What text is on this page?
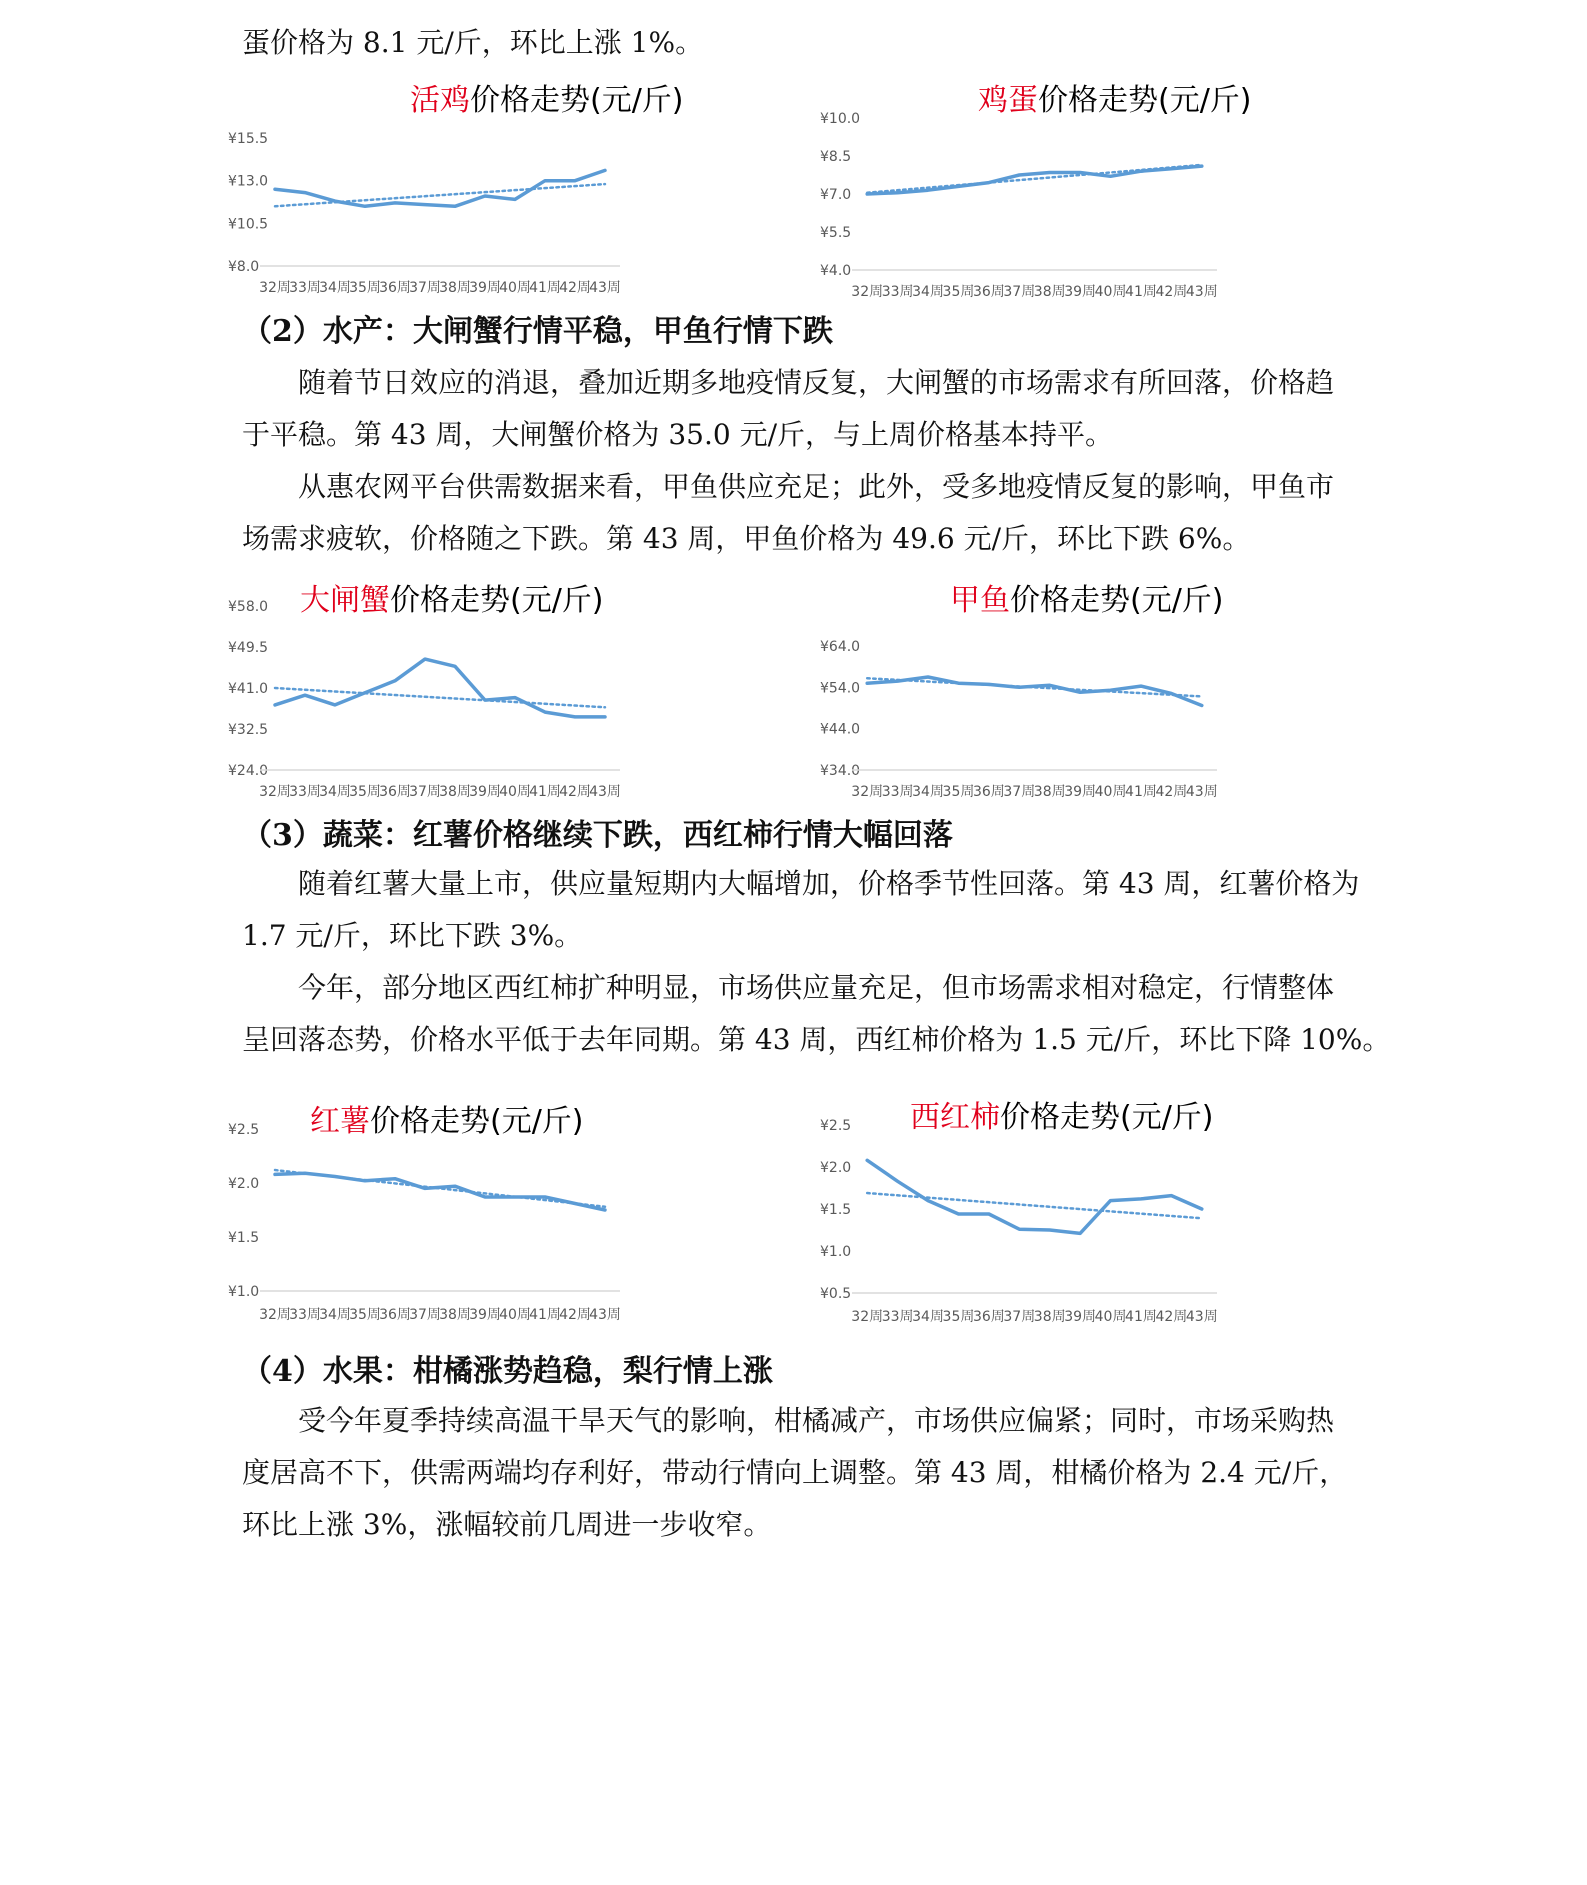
蛋价格为 8.1 元/斤，环比上涨 1%。

活鸡价格走势(元/斤)
¥8.0
¥10.5
¥13.0
¥15.5
32周
33周
34周
35周
36周
37周
38周
39周
40周
41周
42周
43周
鸡蛋价格走势(元/斤)
¥4.0
¥5.5
¥7.0
¥8.5
¥10.0
32周
33周
34周
35周
36周
37周
38周
39周
40周
41周
42周
43周

（2）水产：大闸蟹行情平稳，甲鱼行情下跌

随着节日效应的消退，叠加近期多地疫情反复，大闸蟹的市场需求有所回落，价格趋

于平稳。第 43 周，大闸蟹价格为 35.0 元/斤，与上周价格基本持平。

从惠农网平台供需数据来看，甲鱼供应充足；此外，受多地疫情反复的影响，甲鱼市

场需求疲软，价格随之下跌。第 43 周，甲鱼价格为 49.6 元/斤，环比下跌 6%。

大闸蟹价格走势(元/斤)
¥24.0
¥32.5
¥41.0
¥49.5
¥58.0
32周
33周
34周
35周
36周
37周
38周
39周
40周
41周
42周
43周
甲鱼价格走势(元/斤)
¥34.0
¥44.0
¥54.0
¥64.0
32周
33周
34周
35周
36周
37周
38周
39周
40周
41周
42周
43周

（3）蔬菜：红薯价格继续下跌，西红柿行情大幅回落

随着红薯大量上市，供应量短期内大幅增加，价格季节性回落。第 43 周，红薯价格为

1.7 元/斤，环比下跌 3%。

今年，部分地区西红柿扩种明显，市场供应量充足，但市场需求相对稳定，行情整体

呈回落态势，价格水平低于去年同期。第 43 周，西红柿价格为 1.5 元/斤，环比下降 10%。

红薯价格走势(元/斤)
¥1.0
¥1.5
¥2.0
¥2.5
32周
33周
34周
35周
36周
37周
38周
39周
40周
41周
42周
43周
西红柿价格走势(元/斤)
¥0.5
¥1.0
¥1.5
¥2.0
¥2.5
32周
33周
34周
35周
36周
37周
38周
39周
40周
41周
42周
43周

（4）水果：柑橘涨势趋稳，梨行情上涨

受今年夏季持续高温干旱天气的影响，柑橘减产，市场供应偏紧；同时，市场采购热

度居高不下，供需两端均存利好，带动行情向上调整。第 43 周，柑橘价格为 2.4 元/斤，

环比上涨 3%，涨幅较前几周进一步收窄。
